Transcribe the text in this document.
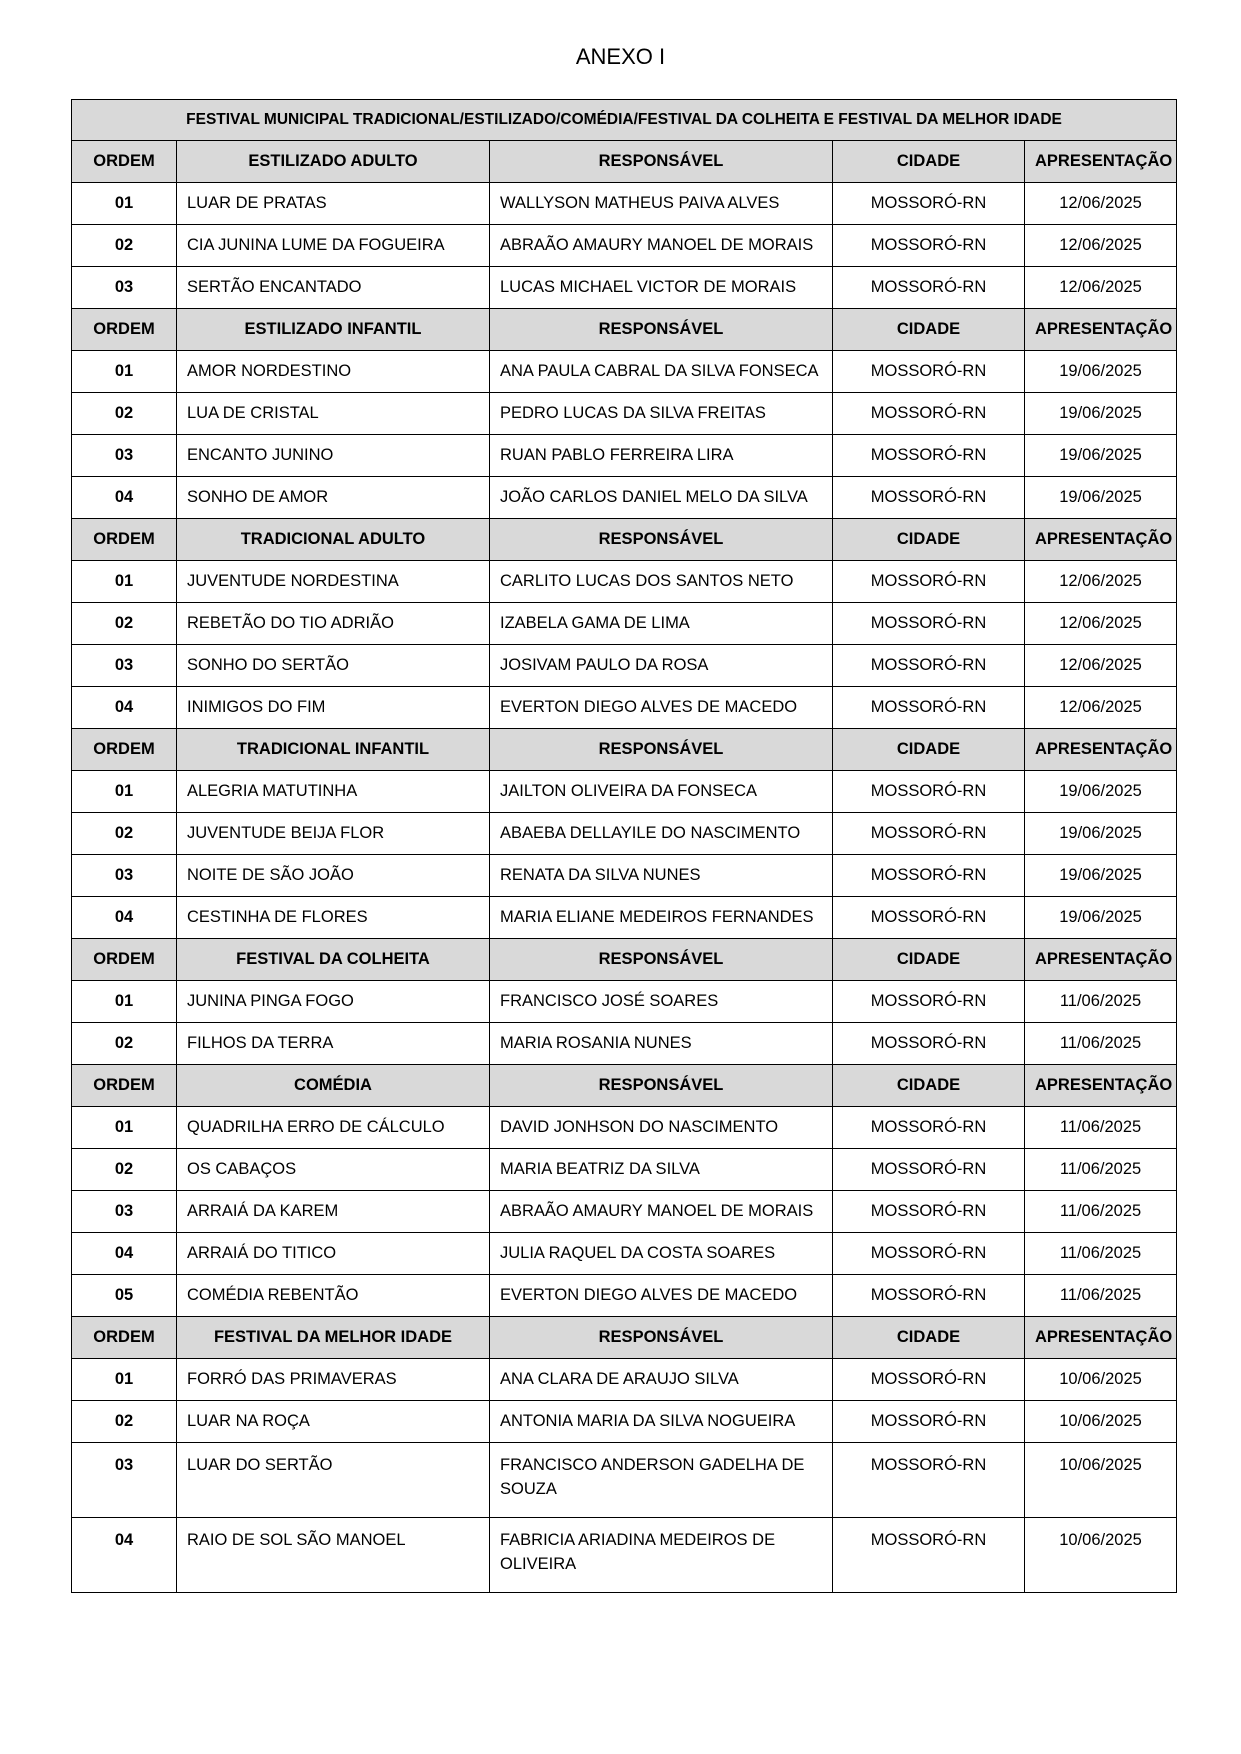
ANEXO I
FESTIVAL MUNICIPAL TRADICIONAL/ESTILIZADO/COMÉDIA/FESTIVAL DA COLHEITA E FESTIVAL DA MELHOR IDADE				
ORDEM	ESTILIZADO ADULTO	RESPONSÁVEL	CIDADE	APRESENTAÇÃO
01	LUAR DE PRATAS	WALLYSON MATHEUS PAIVA ALVES	MOSSORÓ-RN	12/06/2025
02	CIA JUNINA LUME DA FOGUEIRA	ABRAÃO AMAURY MANOEL DE MORAIS	MOSSORÓ-RN	12/06/2025
03	SERTÃO ENCANTADO	LUCAS MICHAEL VICTOR DE MORAIS	MOSSORÓ-RN	12/06/2025
ORDEM	ESTILIZADO INFANTIL	RESPONSÁVEL	CIDADE	APRESENTAÇÃO
01	AMOR NORDESTINO	ANA PAULA CABRAL DA SILVA FONSECA	MOSSORÓ-RN	19/06/2025
02	LUA DE CRISTAL	PEDRO LUCAS DA SILVA FREITAS	MOSSORÓ-RN	19/06/2025
03	ENCANTO JUNINO	RUAN PABLO FERREIRA LIRA	MOSSORÓ-RN	19/06/2025
04	SONHO DE AMOR	JOÃO CARLOS DANIEL MELO DA SILVA	MOSSORÓ-RN	19/06/2025
ORDEM	TRADICIONAL ADULTO	RESPONSÁVEL	CIDADE	APRESENTAÇÃO
01	JUVENTUDE NORDESTINA	CARLITO LUCAS DOS SANTOS NETO	MOSSORÓ-RN	12/06/2025
02	REBETÃO DO TIO ADRIÃO	IZABELA GAMA DE LIMA	MOSSORÓ-RN	12/06/2025
03	SONHO DO SERTÃO	JOSIVAM PAULO DA ROSA	MOSSORÓ-RN	12/06/2025
04	INIMIGOS DO FIM	EVERTON DIEGO ALVES DE MACEDO	MOSSORÓ-RN	12/06/2025
ORDEM	TRADICIONAL INFANTIL	RESPONSÁVEL	CIDADE	APRESENTAÇÃO
01	ALEGRIA MATUTINHA	JAILTON OLIVEIRA DA FONSECA	MOSSORÓ-RN	19/06/2025
02	JUVENTUDE BEIJA FLOR	ABAEBA DELLAYILE DO NASCIMENTO	MOSSORÓ-RN	19/06/2025
03	NOITE DE SÃO JOÃO	RENATA DA SILVA NUNES	MOSSORÓ-RN	19/06/2025
04	CESTINHA DE FLORES	MARIA ELIANE MEDEIROS FERNANDES	MOSSORÓ-RN	19/06/2025
ORDEM	FESTIVAL DA COLHEITA	RESPONSÁVEL	CIDADE	APRESENTAÇÃO
01	JUNINA PINGA FOGO	FRANCISCO JOSÉ SOARES	MOSSORÓ-RN	11/06/2025
02	FILHOS DA TERRA	MARIA ROSANIA NUNES	MOSSORÓ-RN	11/06/2025
ORDEM	COMÉDIA	RESPONSÁVEL	CIDADE	APRESENTAÇÃO
01	QUADRILHA ERRO DE CÁLCULO	DAVID JONHSON DO NASCIMENTO	MOSSORÓ-RN	11/06/2025
02	OS CABAÇOS	MARIA BEATRIZ DA SILVA	MOSSORÓ-RN	11/06/2025
03	ARRAIÁ DA KAREM	ABRAÃO AMAURY MANOEL DE MORAIS	MOSSORÓ-RN	11/06/2025
04	ARRAIÁ DO TITICO	JULIA RAQUEL DA COSTA SOARES	MOSSORÓ-RN	11/06/2025
05	COMÉDIA REBENTÃO	EVERTON DIEGO ALVES DE MACEDO	MOSSORÓ-RN	11/06/2025
ORDEM	FESTIVAL DA MELHOR IDADE	RESPONSÁVEL	CIDADE	APRESENTAÇÃO
01	FORRÓ DAS PRIMAVERAS	ANA CLARA DE ARAUJO SILVA	MOSSORÓ-RN	10/06/2025
02	LUAR NA ROÇA	ANTONIA MARIA DA SILVA NOGUEIRA	MOSSORÓ-RN	10/06/2025
03	LUAR DO SERTÃO	FRANCISCO ANDERSON GADELHA DE SOUZA	MOSSORÓ-RN	10/06/2025
04	RAIO DE SOL SÃO MANOEL	FABRICIA ARIADINA MEDEIROS DE OLIVEIRA	MOSSORÓ-RN	10/06/2025
